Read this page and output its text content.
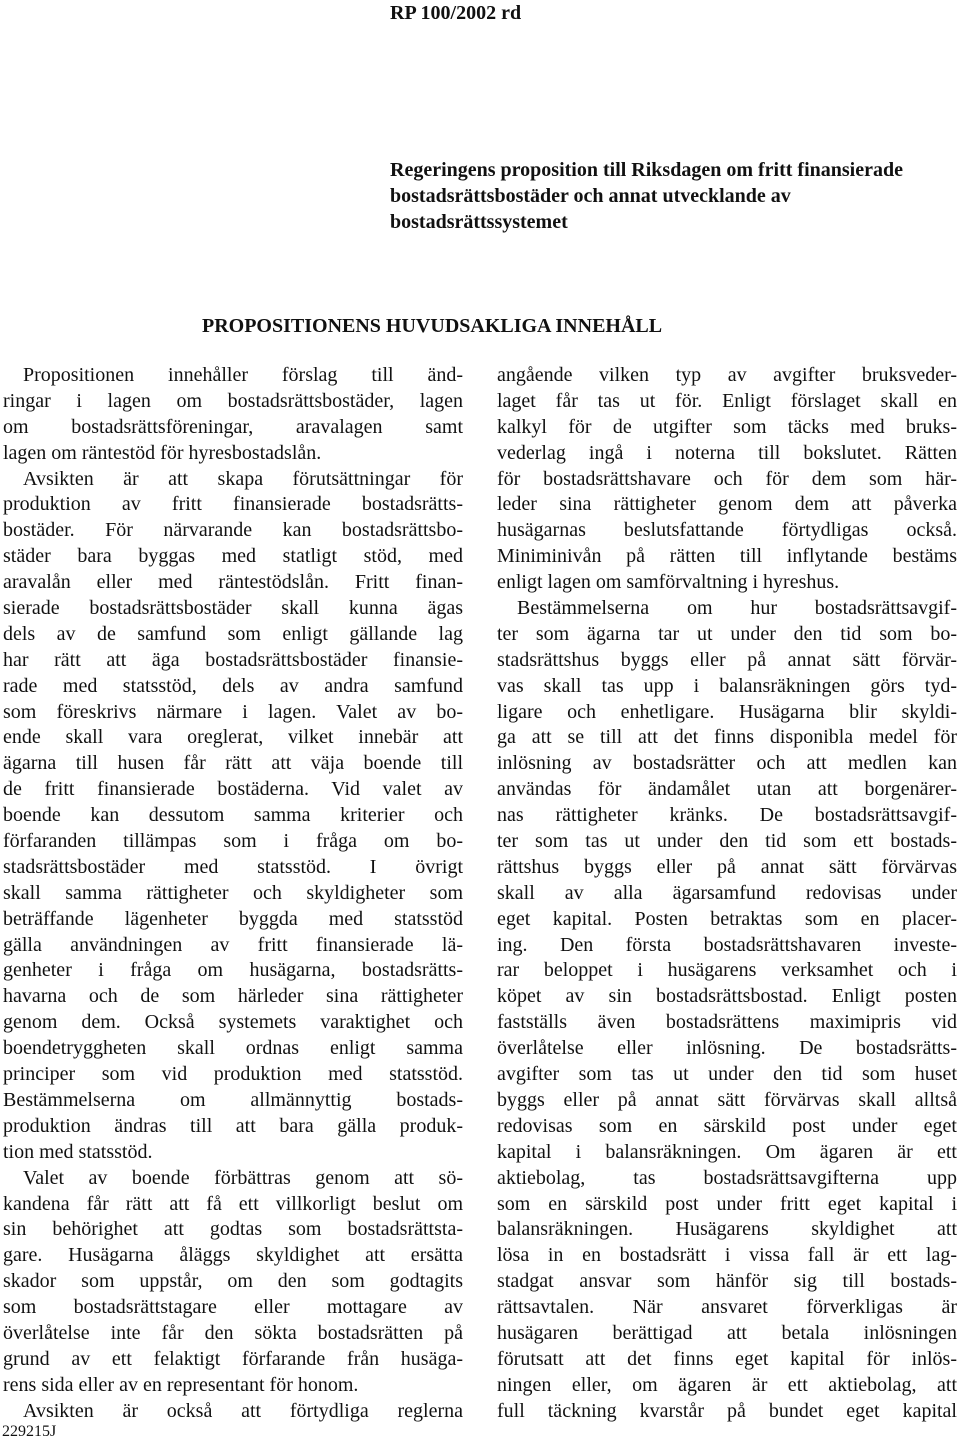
RP 100/2002 rd
Regeringens proposition till Riksdagen om fritt finansierade bostadsrättsbostäder och annat utvecklande av bostadsrättssystemet
PROPOSITIONENS HUVUDSAKLIGA INNEHÅLL
Propositionen innehåller förslag till änd-
ringar i lagen om bostadsrättsbostäder, lagen
om bostadsrättsföreningar, aravalagen samt
lagen om räntestöd för hyresbostadslån.
Avsikten är att skapa förutsättningar för
produktion av fritt finansierade bostadsrätts-
bostäder. För närvarande kan bostadsrättsbo-
städer bara byggas med statligt stöd, med
aravalån eller med räntestödslån. Fritt finan-
sierade bostadsrättsbostäder skall kunna ägas
dels av de samfund som enligt gällande lag
har rätt att äga bostadsrättsbostäder finansie-
rade med statsstöd, dels av andra samfund
som föreskrivs närmare i lagen. Valet av bo-
ende skall vara oreglerat, vilket innebär att
ägarna till husen får rätt att väja boende till
de fritt finansierade bostäderna. Vid valet av
boende kan dessutom samma kriterier och
förfaranden tillämpas som i fråga om bo-
stadsrättsbostäder med statsstöd. I övrigt
skall samma rättigheter och skyldigheter som
beträffande lägenheter byggda med statsstöd
gälla användningen av fritt finansierade lä-
genheter i fråga om husägarna, bostadsrätts-
havarna och de som härleder sina rättigheter
genom dem. Också systemets varaktighet och
boendetryggheten skall ordnas enligt samma
principer som vid produktion med statsstöd.
Bestämmelserna om allmännyttig bostads-
produktion ändras till att bara gälla produk-
tion med statsstöd.
Valet av boende förbättras genom att sö-
kandena får rätt att få ett villkorligt beslut om
sin behörighet att godtas som bostadsrättsta-
gare. Husägarna åläggs skyldighet att ersätta
skador som uppstår, om den som godtagits
som bostadsrättstagare eller mottagare av
överlåtelse inte får den sökta bostadsrätten på
grund av ett felaktigt förfarande från husäga-
rens sida eller av en representant för honom.
Avsikten är också att förtydliga reglerna
angående vilken typ av avgifter bruksveder-
laget får tas ut för. Enligt förslaget skall en
kalkyl för de utgifter som täcks med bruks-
vederlag ingå i noterna till bokslutet. Rätten
för bostadsrättshavare och för dem som här-
leder sina rättigheter genom dem att påverka
husägarnas beslutsfattande förtydligas också.
Miniminivån på rätten till inflytande bestäms
enligt lagen om samförvaltning i hyreshus.
Bestämmelserna om hur bostadsrättsavgif-
ter som ägarna tar ut under den tid som bo-
stadsrättshus byggs eller på annat sätt förvär-
vas skall tas upp i balansräkningen görs tyd-
ligare och enhetligare. Husägarna blir skyldi-
ga att se till att det finns disponibla medel för
inlösning av bostadsrätter och att medlen kan
användas för ändamålet utan att borgenärer-
nas rättigheter kränks. De bostadsrättsavgif-
ter som tas ut under den tid som ett bostads-
rättshus byggs eller på annat sätt förvärvas
skall av alla ägarsamfund redovisas under
eget kapital. Posten betraktas som en placer-
ing. Den första bostadsrättshavaren investe-
rar beloppet i husägarens verksamhet och i
köpet av sin bostadsrättsbostad. Enligt posten
fastställs även bostadsrättens maximipris vid
överlåtelse eller inlösning. De bostadsrätts-
avgifter som tas ut under den tid som huset
byggs eller på annat sätt förvärvas skall alltså
redovisas som en särskild post under eget
kapital i balansräkningen. Om ägaren är ett
aktiebolag, tas bostadsrättsavgifterna upp
som en särskild post under fritt eget kapital i
balansräkningen. Husägarens skyldighet att
lösa in en bostadsrätt i vissa fall är ett lag-
stadgat ansvar som hänför sig till bostads-
rättsavtalen. När ansvaret förverkligas är
husägaren berättigad att betala inlösningen
förutsatt att det finns eget kapital för inlös-
ningen eller, om ägaren är ett aktiebolag, att
full täckning kvarstår på bundet eget kapital
229215J
